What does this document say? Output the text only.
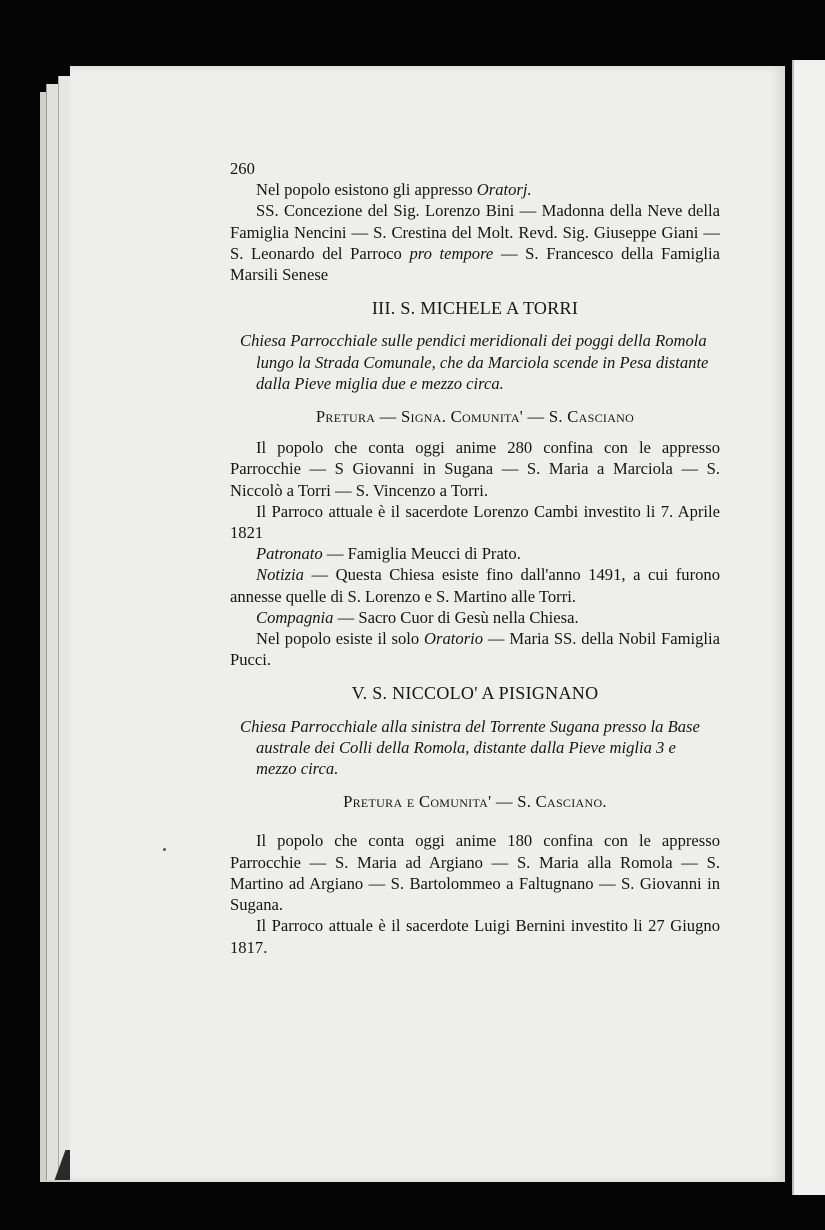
260

Nel popolo esistono gli appresso Oratorj.

SS. Concezione del Sig. Lorenzo Bini — Madonna della Neve della Famiglia Nencini — S. Crestina del Molt. Revd. Sig. Giuseppe Giani — S. Leonardo del Parroco pro tempore — S. Francesco della Famiglia Marsili Senese

III. S. MICHELE A TORRI

Chiesa Parrocchiale sulle pendici meridionali dei poggi della Romola lungo la Strada Comunale, che da Marciola scende in Pesa distante dalla Pieve miglia due e mezzo circa.

Pretura — Signa. Comunita' — S. Casciano

Il popolo che conta oggi anime 280 confina con le appresso Parrocchie — S Giovanni in Sugana — S. Maria a Marciola — S. Niccolò a Torri — S. Vincenzo a Torri.

Il Parroco attuale è il sacerdote Lorenzo Cambi investito li 7. Aprile 1821

Patronato — Famiglia Meucci di Prato.

Notizia — Questa Chiesa esiste fino dall'anno 1491, a cui furono annesse quelle di S. Lorenzo e S. Martino alle Torri.

Compagnia — Sacro Cuor di Gesù nella Chiesa.

Nel popolo esiste il solo Oratorio — Maria SS. della Nobil Famiglia Pucci.

V. S. NICCOLO' A PISIGNANO

Chiesa Parrocchiale alla sinistra del Torrente Sugana presso la Base australe dei Colli della Romola, distante dalla Pieve miglia 3 e mezzo circa.

Pretura e Comunita' — S. Casciano.

Il popolo che conta oggi anime 180 confina con le appresso Parrocchie — S. Maria ad Argiano — S. Maria alla Romola — S. Martino ad Argiano — S. Bartolommeo a Faltugnano — S. Giovanni in Sugana.

Il Parroco attuale è il sacerdote Luigi Bernini investito li 27 Giugno 1817.
